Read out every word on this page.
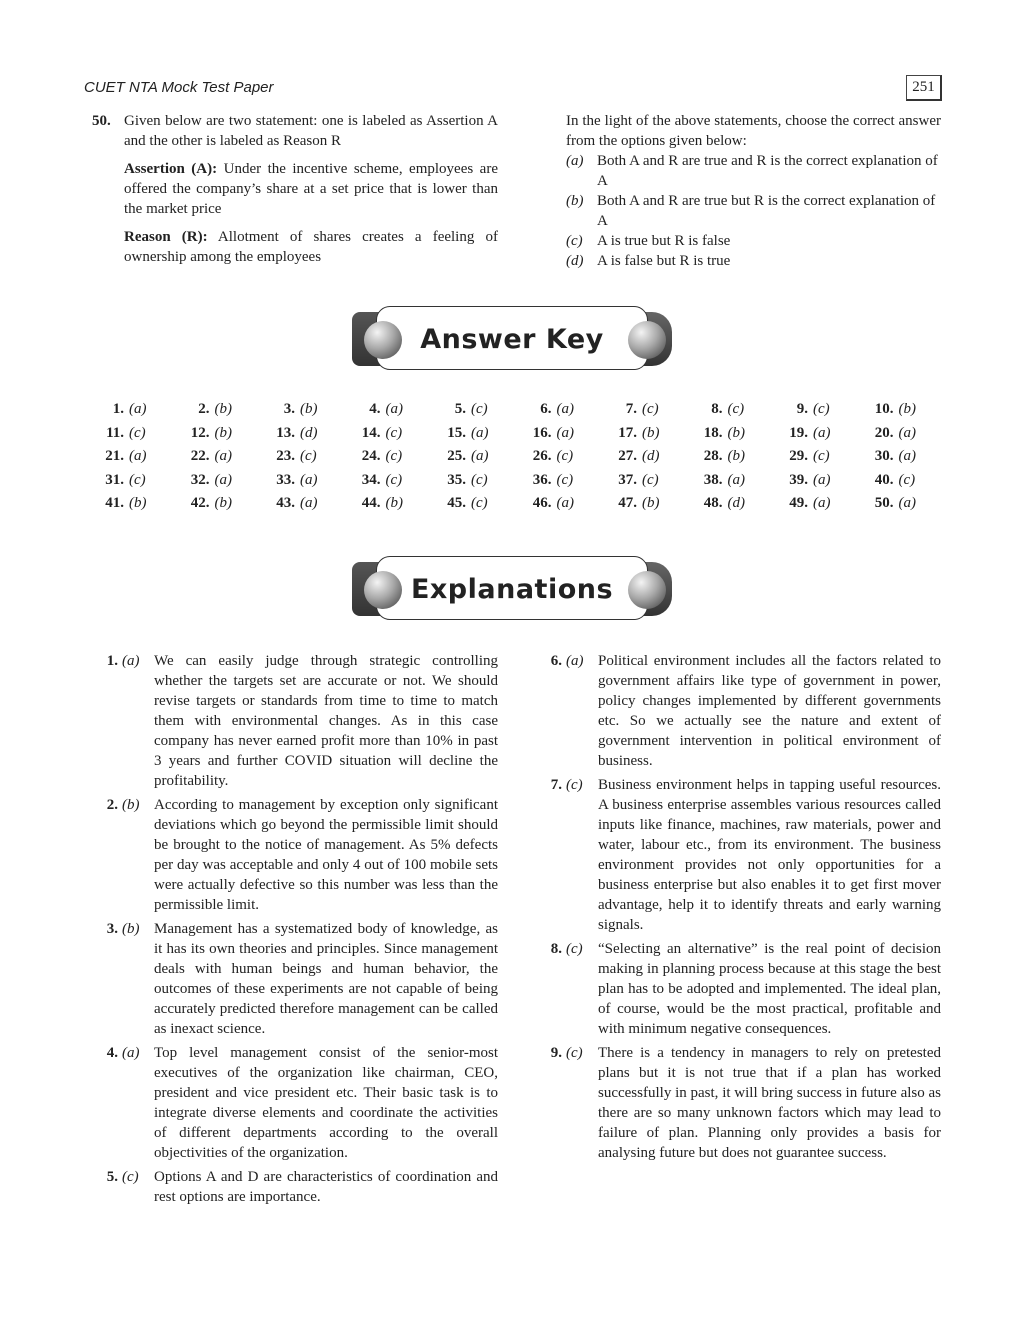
CUET NTA Mock Test Paper	251
50. Given below are two statement: one is labeled as Assertion A and the other is labeled as Reason R
Assertion (A): Under the incentive scheme, employees are offered the company’s share at a set price that is lower than the market price
Reason (R): Allotment of shares creates a feeling of ownership among the employees
In the light of the above statements, choose the correct answer from the options given below:
(a) Both A and R are true and R is the correct explanation of A
(b) Both A and R are true but R is the correct explanation of A
(c) A is true but R is false
(d) A is false but R is true
Answer Key
1. (a)	2. (b)	3. (b)	4. (a)	5. (c)	6. (a)	7. (c)	8. (c)	9. (c)	10. (b)
11. (c)	12. (b)	13. (d)	14. (c)	15. (a)	16. (a)	17. (b)	18. (b)	19. (a)	20. (a)
21. (a)	22. (a)	23. (c)	24. (c)	25. (a)	26. (c)	27. (d)	28. (b)	29. (c)	30. (a)
31. (c)	32. (a)	33. (a)	34. (c)	35. (c)	36. (c)	37. (c)	38. (a)	39. (a)	40. (c)
41. (b)	42. (b)	43. (a)	44. (b)	45. (c)	46. (a)	47. (b)	48. (d)	49. (a)	50. (a)
Explanations
1. (a) We can easily judge through strategic controlling whether the targets set are accurate or not. We should revise targets or standards from time to time to match them with environmental changes. As in this case company has never earned profit more than 10% in past 3 years and further COVID situation will decline the profitability.
2. (b) According to management by exception only significant deviations which go beyond the permissible limit should be brought to the notice of management. As 5% defects per day was acceptable and only 4 out of 100 mobile sets were actually defective so this number was less than the permissible limit.
3. (b) Management has a systematized body of knowledge, as it has its own theories and principles. Since management deals with human beings and human behavior, the outcomes of these experiments are not capable of being accurately predicted therefore management can be called as inexact science.
4. (a) Top level management consist of the senior-most executives of the organization like chairman, CEO, president and vice president etc. Their basic task is to integrate diverse elements and coordinate the activities of different departments according to the overall objectivities of the organization.
5. (c)	Options A and D are characteristics of coordination and rest options are importance.
6. (a) Political environment includes all the factors related to government affairs like type of government in power, policy changes implemented by different governments etc. So we actually see the nature and extent of government intervention in political environment of business.
7. (c)	Business environment helps in tapping useful resources. A business enterprise assembles various resources called inputs like finance, machines, raw materials, power and water, labour etc., from its environment. The business environment provides not only opportunities for a business enterprise but also enables it to get first mover advantage, help it to identify threats and early warning signals.
8. (c)	“Selecting an alternative” is the real point of decision making in planning process because at this stage the best plan has to be adopted and implemented. The ideal plan, of course, would be the most practical, profitable and with minimum negative consequences.
9. (c)	There is a tendency in managers to rely on pretested plans but it is not true that if a plan has worked successfully in past, it will bring success in future also as there are so many unknown factors which may lead to failure of plan. Planning only provides a basis for analysing future but does not guarantee success.
